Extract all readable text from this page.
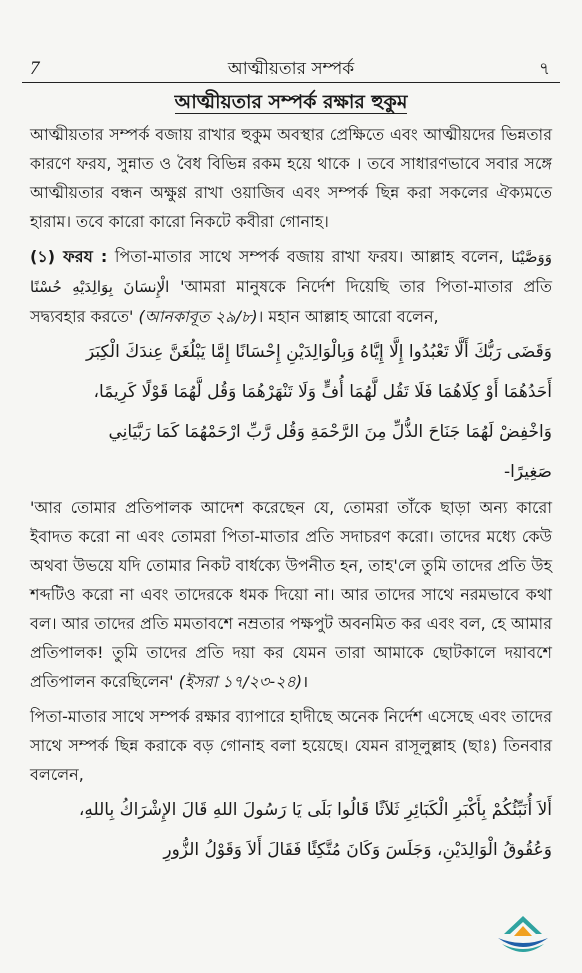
7	আত্মীয়তার সম্পর্ক	৭
আত্মীয়তার সম্পর্ক রক্ষার হুকুম

আত্মীয়তার সম্পর্ক বজায় রাখার হুকুম অবস্থার প্রেক্ষিতে এবং আত্মীয়দের ভিন্নতার কারণে ফরয, সুন্নাত ও বৈধ বিভিন্ন রকম হয়ে থাকে । তবে সাধারণভাবে সবার সঙ্গে আত্মীয়তার বন্ধন অক্ষুণ্ণ রাখা ওয়াজিব এবং সম্পর্ক ছিন্ন করা সকলের ঐক্যমতে হারাম। তবে কারো কারো নিকটে কবীরা গোনাহ।

(১) ফরয : পিতা-মাতার সাথে সম্পর্ক বজায় রাখা ফরয। আল্লাহ বলেন, وَوَصَّيْنَا الْإِنسَانَ بِوَالِدَيْهِ حُسْنًا 'আমরা মানুষকে নির্দেশ দিয়েছি তার পিতা-মাতার প্রতি সদ্ব্যবহার করতে' (আনকাবূত ২৯/৮)। মহান আল্লাহ আরো বলেন,

وَقَضَى رَبُّكَ أَلَّا تَعْبُدُوا إِلَّا إِيَّاهُ وَبِالْوَالِدَيْنِ إِحْسَانًا إِمَّا يَبْلُغَنَّ عِندَكَ الْكِبَرَ
أَحَدُهُمَا أَوْ كِلَاهُمَا فَلَا تَقُل لَّهُمَا أُفٍّ وَلَا تَنْهَرْهُمَا وَقُل لَّهُمَا قَوْلًا كَرِيمًا،
وَاخْفِضْ لَهُمَا جَنَاحَ الذُّلِّ مِنَ الرَّحْمَةِ وَقُل رَّبِّ ارْحَمْهُمَا كَمَا رَبَّيَانِي
صَغِيرًا-

'আর তোমার প্রতিপালক আদেশ করেছেন যে, তোমরা তাঁকে ছাড়া অন্য কারো ইবাদত করো না এবং তোমরা পিতা-মাতার প্রতি সদাচরণ করো। তাদের মধ্যে কেউ অথবা উভয়ে যদি তোমার নিকট বার্ধক্যে উপনীত হন, তাহ'লে তুমি তাদের প্রতি উহ শব্দটিও করো না এবং তাদেরকে ধমক দিয়ো না। আর তাদের সাথে নরমভাবে কথা বল। আর তাদের প্রতি মমতাবশে নম্রতার পক্ষপুট অবনমিত কর এবং বল, হে আমার প্রতিপালক! তুমি তাদের প্রতি দয়া কর যেমন তারা আমাকে ছোটকালে দয়াবশে প্রতিপালন করেছিলেন' (ইসরা ১৭/২৩-২৪)।

পিতা-মাতার সাথে সম্পর্ক রক্ষার ব্যাপারে হাদীছে অনেক নির্দেশ এসেছে এবং তাদের সাথে সম্পর্ক ছিন্ন করাকে বড় গোনাহ বলা হয়েছে। যেমন রাসূলুল্লাহ (ছাঃ) তিনবার বললেন,

أَلاَ أُنَبِّئُكُمْ بِأَكْبَرِ الْكَبَائِرِ ثَلاَثًا قَالُوا بَلَى يَا رَسُولَ اللهِ قَالَ الإِشْرَاكُ بِاللهِ،
وَعُقُوقُ الْوَالِدَيْنِ، وَجَلَسَ وَكَانَ مُتَّكِئًا فَقَالَ أَلاَ وَقَوْلُ الزُّورِ
